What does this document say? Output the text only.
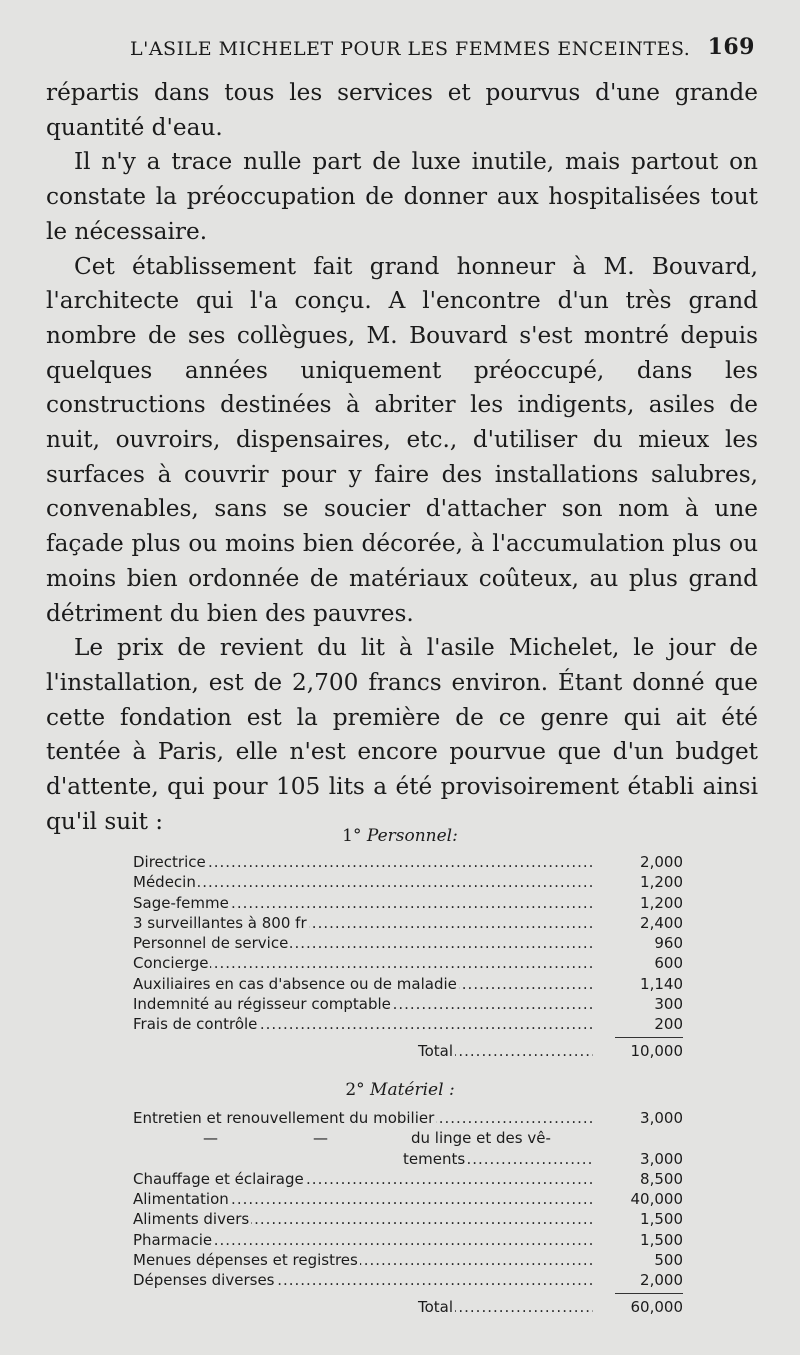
L'ASILE MICHELET POUR LES FEMMES ENCEINTES. 169

répartis dans tous les services et pourvus d'une grande quantité d'eau.

Il n'y a trace nulle part de luxe inutile, mais partout on constate la préoccupation de donner aux hospitalisées tout le nécessaire.

Cet établissement fait grand honneur à M. Bouvard, l'architecte qui l'a conçu. A l'encontre d'un très grand nombre de ses collègues, M. Bouvard s'est montré depuis quelques années uniquement préoccupé, dans les constructions destinées à abriter les indigents, asiles de nuit, ouvroirs, dispensaires, etc., d'utiliser du mieux les surfaces à couvrir pour y faire des installations salubres, convenables, sans se soucier d'attacher son nom à une façade plus ou moins bien décorée, à l'accumulation plus ou moins bien ordonnée de matériaux coûteux, au plus grand détriment du bien des pauvres.

Le prix de revient du lit à l'asile Michelet, le jour de l'installation, est de 2,700 francs environ. Étant donné que cette fondation est la première de ce genre qui ait été tentée à Paris, elle n'est encore pourvue que d'un budget d'attente, qui pour 105 lits a été provisoirement établi ainsi qu'il suit :

1° Personnel:
.....
Directrice	2,000
.....
Médecin	1,200
.....
Sage-femme	1,200
.....
3 surveillantes à 800 fr	2,400
.....
Personnel de service	960
.....
Concierge	600
.....
Auxiliaires en cas d'absence ou de maladie	1,140
.....
Indemnité au régisseur comptable	300
.....
Frais de contrôle	200
.....
Total	10,000
2° Matériel :
.....
Entretien et renouvellement du mobilier	3,000
—	—	du linge et des vê-
.....
tements	3,000
.....
Chauffage et éclairage	8,500
.....
Alimentation	40,000
.....
Aliments divers	1,500
.....
Pharmacie	1,500
.....
Menues dépenses et registres	500
.....
Dépenses diverses	2,000
.....
Total	60,000
